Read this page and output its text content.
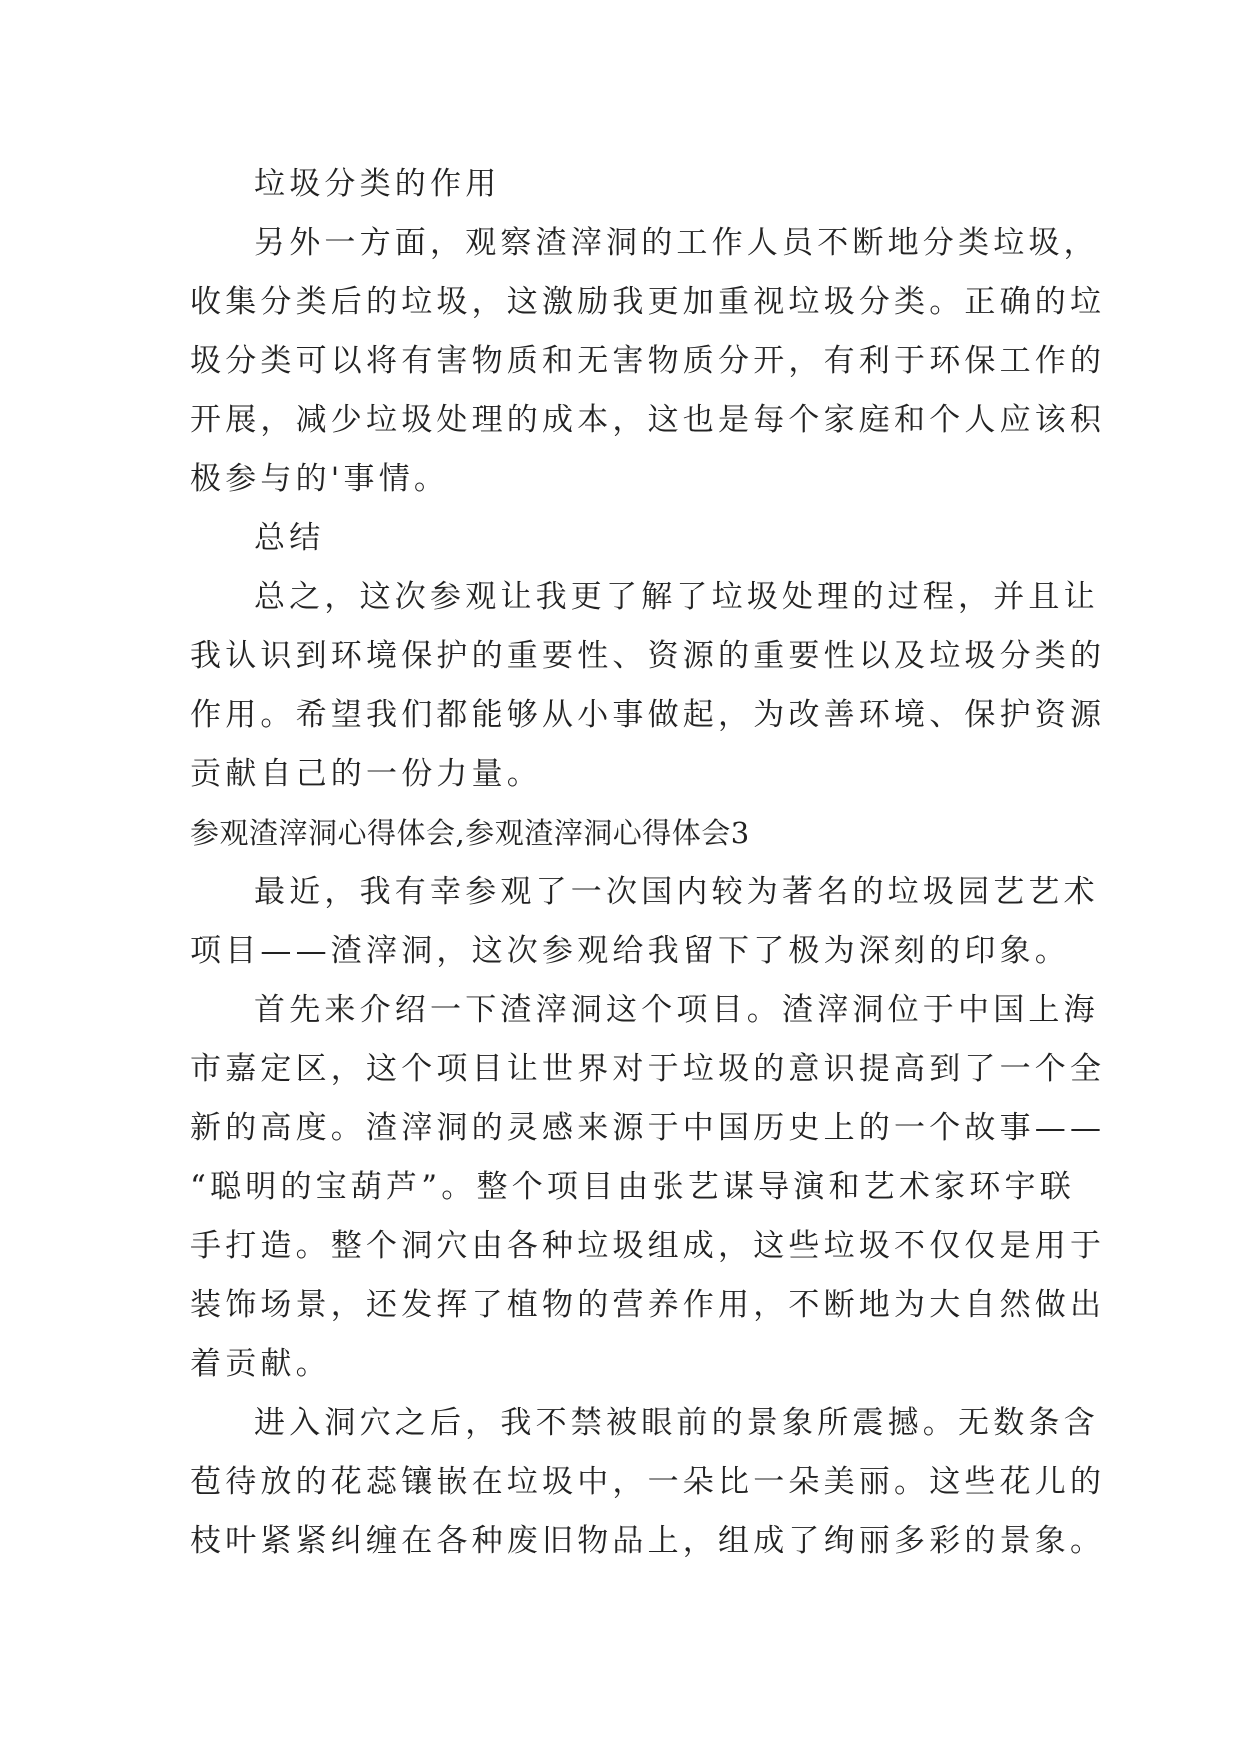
垃圾分类的作用
另外一方面，观察渣滓洞的工作人员不断地分类垃圾，
收集分类后的垃圾，这激励我更加重视垃圾分类。正确的垃
圾分类可以将有害物质和无害物质分开，有利于环保工作的
开展，减少垃圾处理的成本，这也是每个家庭和个人应该积
极参与的'事情。
总结
总之，这次参观让我更了解了垃圾处理的过程，并且让
我认识到环境保护的重要性、资源的重要性以及垃圾分类的
作用。希望我们都能够从小事做起，为改善环境、保护资源
贡献自己的一份力量。
参观渣滓洞心得体会,参观渣滓洞心得体会3
最近，我有幸参观了一次国内较为著名的垃圾园艺艺术
项目——渣滓洞，这次参观给我留下了极为深刻的印象。
首先来介绍一下渣滓洞这个项目。渣滓洞位于中国上海
市嘉定区，这个项目让世界对于垃圾的意识提高到了一个全
新的高度。渣滓洞的灵感来源于中国历史上的一个故事——
“聪明的宝葫芦”。整个项目由张艺谋导演和艺术家环宇联
手打造。整个洞穴由各种垃圾组成，这些垃圾不仅仅是用于
装饰场景，还发挥了植物的营养作用，不断地为大自然做出
着贡献。
进入洞穴之后，我不禁被眼前的景象所震撼。无数条含
苞待放的花蕊镶嵌在垃圾中，一朵比一朵美丽。这些花儿的
枝叶紧紧纠缠在各种废旧物品上，组成了绚丽多彩的景象。
